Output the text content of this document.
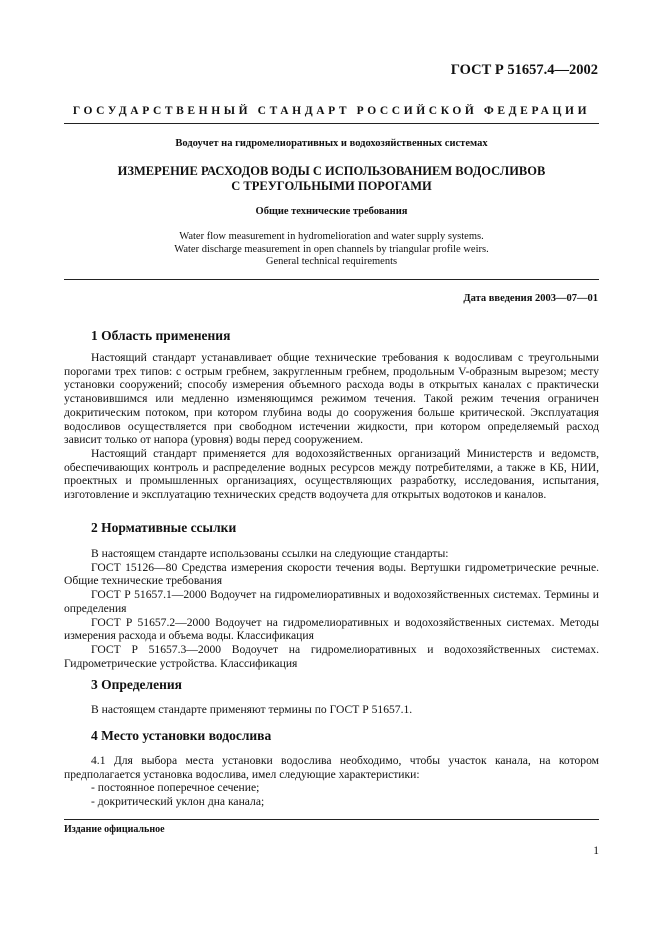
ГОСТ Р 51657.4—2002
ГОСУДАРСТВЕННЫЙ СТАНДАРТ РОССИЙСКОЙ ФЕДЕРАЦИИ
Водоучет на гидромелиоративных и водохозяйственных системах
ИЗМЕРЕНИЕ РАСХОДОВ ВОДЫ С ИСПОЛЬЗОВАНИЕМ ВОДОСЛИВОВ
С ТРЕУГОЛЬНЫМИ ПОРОГАМИ
Общие технические требования
Water flow measurement in hydromelioration and water supply systems.
Water discharge measurement in open channels by triangular profile weirs.
General technical requirements
Дата введения 2003—07—01
1 Область применения

Настоящий стандарт устанавливает общие технические требования к водосливам с треугольными порогами трех типов: с острым гребнем, закругленным гребнем, продольным V-образным вырезом; месту установки сооружений; способу измерения объемного расхода воды в открытых каналах с практически установившимся или медленно изменяющимся режимом течения. Такой режим течения ограничен докритическим потоком, при котором глубина воды до сооружения больше критической. Эксплуатация водосливов осуществляется при свободном истечении жидкости, при котором определяемый расход зависит только от напора (уровня) воды перед сооружением.

Настоящий стандарт применяется для водохозяйственных организаций Министерств и ведомств, обеспечивающих контроль и распределение водных ресурсов между потребителями, а также в КБ, НИИ, проектных и промышленных организациях, осуществляющих разработку, исследования, испытания, изготовление и эксплуатацию технических средств водоучета для открытых водотоков и каналов.

2 Нормативные ссылки

В настоящем стандарте использованы ссылки на следующие стандарты:

ГОСТ 15126—80 Средства измерения скорости течения воды. Вертушки гидрометрические речные. Общие технические требования

ГОСТ Р 51657.1—2000 Водоучет на гидромелиоративных и водохозяйственных системах. Термины и определения

ГОСТ Р 51657.2—2000 Водоучет на гидромелиоративных и водохозяйственных системах. Методы измерения расхода и объема воды. Классификация

ГОСТ Р 51657.3—2000 Водоучет на гидромелиоративных и водохозяйственных системах. Гидрометрические устройства. Классификация

3 Определения

В настоящем стандарте применяют термины по ГОСТ Р 51657.1.

4 Место установки водослива

4.1 Для выбора места установки водослива необходимо, чтобы участок канала, на котором предполагается установка водослива, имел следующие характеристики:

- постоянное поперечное сечение;

- докритический уклон дна канала;

Издание официальное
1
